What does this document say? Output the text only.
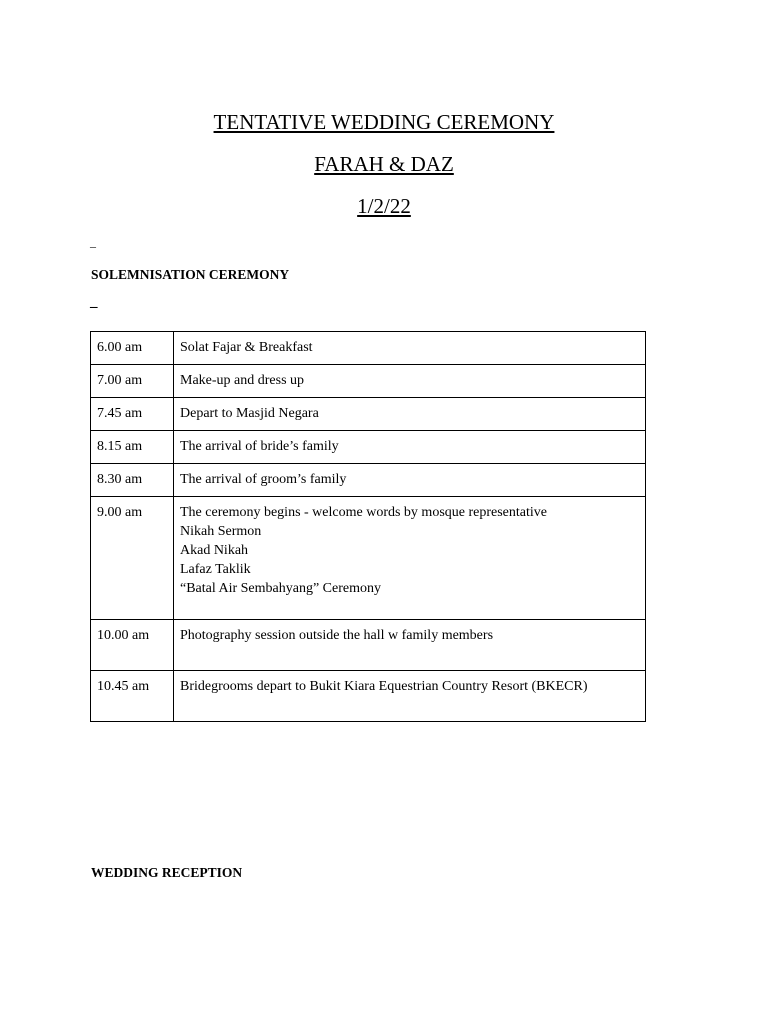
TENTATIVE WEDDING CEREMONY
FARAH & DAZ
1/2/22
–
SOLEMNISATION CEREMONY
–
6.00 am	Solat Fajar & Breakfast

7.00 am	Make-up and dress up

7.45 am	Depart to Masjid Negara

8.15 am	The arrival of bride’s family

8.30 am	The arrival of groom’s family

9.00 am	The ceremony begins - welcome words by mosque representative
Nikah Sermon
Akad Nikah
Lafaz Taklik
“Batal Air Sembahyang” Ceremony

10.00 am	Photography session outside the hall w family members

10.45 am	Bridegrooms depart to Bukit Kiara Equestrian Country Resort (BKECR)
WEDDING RECEPTION
